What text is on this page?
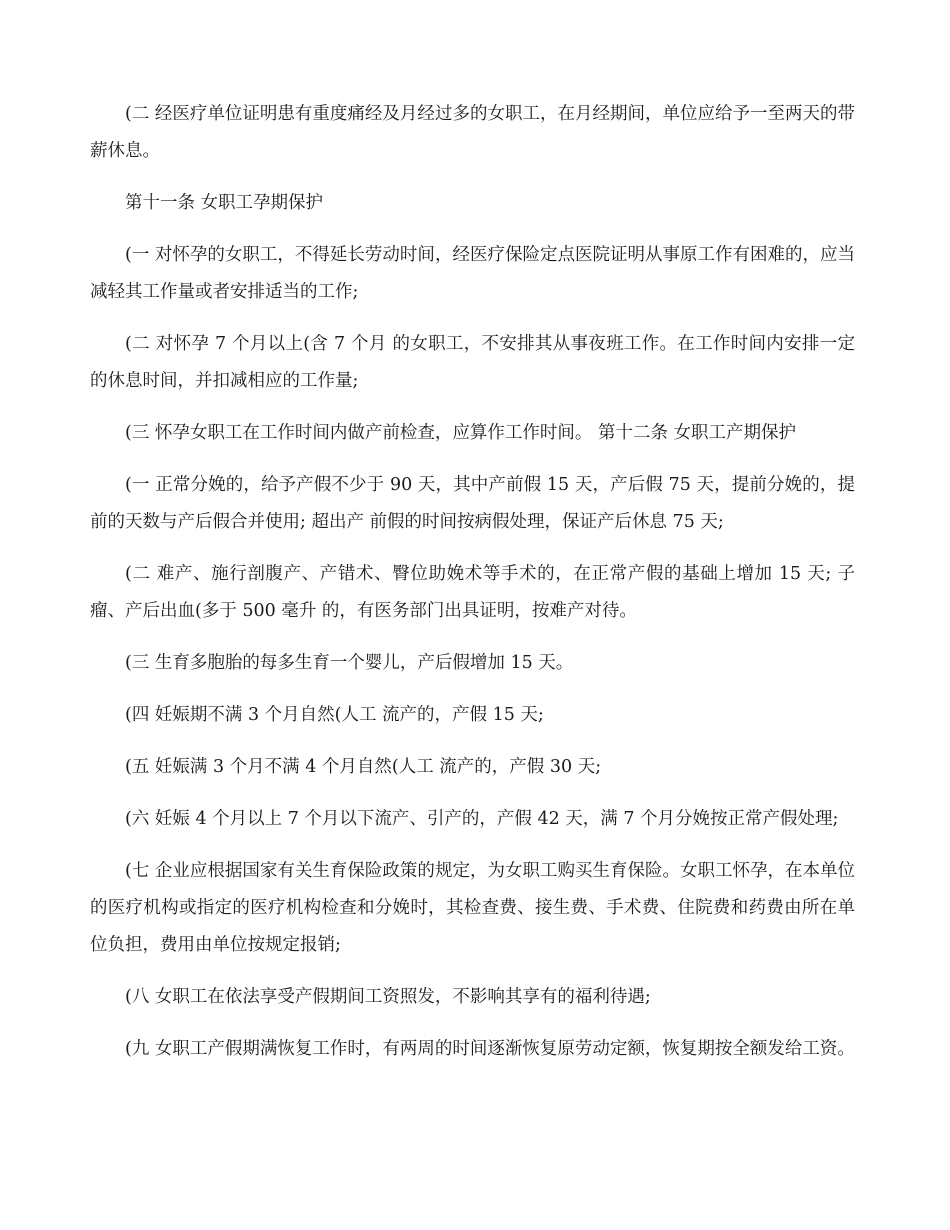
(二 经医疗单位证明患有重度痛经及月经过多的女职工，在月经期间，单位应给予一至两天的带薪休息。

第十一条 女职工孕期保护

(一 对怀孕的女职工，不得延长劳动时间，经医疗保险定点医院证明从事原工作有困难的，应当减轻其工作量或者安排适当的工作;

(二 对怀孕 7 个月以上(含 7 个月 的女职工，不安排其从事夜班工作。在工作时间内安排一定的休息时间，并扣减相应的工作量;

(三 怀孕女职工在工作时间内做产前检查，应算作工作时间。 第十二条 女职工产期保护

(一 正常分娩的，给予产假不少于 90 天，其中产前假 15 天，产后假 75 天，提前分娩的，提前的天数与产后假合并使用; 超出产 前假的时间按病假处理，保证产后休息 75 天;

(二 难产、施行剖腹产、产错术、臀位助娩术等手术的，在正常产假的基础上增加 15 天; 子瘤、产后出血(多于 500 毫升 的，有医务部门出具证明，按难产对待。

(三 生育多胞胎的每多生育一个婴儿，产后假增加 15 天。

(四 妊娠期不满 3 个月自然(人工 流产的，产假 15 天;

(五 妊娠满 3 个月不满 4 个月自然(人工 流产的，产假 30 天;

(六 妊娠 4 个月以上 7 个月以下流产、引产的，产假 42 天，满 7 个月分娩按正常产假处理;

(七 企业应根据国家有关生育保险政策的规定，为女职工购买生育保险。女职工怀孕，在本单位的医疗机构或指定的医疗机构检查和分娩时，其检查费、接生费、手术费、住院费和药费由所在单位负担，费用由单位按规定报销;

(八 女职工在依法享受产假期间工资照发，不影响其享有的福利待遇;

(九 女职工产假期满恢复工作时，有两周的时间逐渐恢复原劳动定额，恢复期按全额发给工资。
